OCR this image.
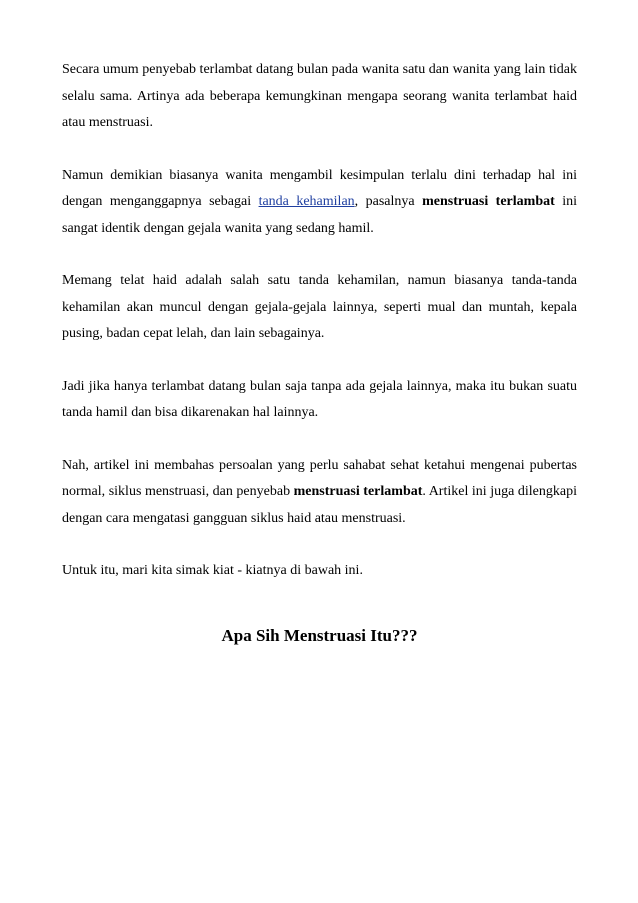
Secara umum penyebab terlambat datang bulan pada wanita satu dan wanita yang lain tidak selalu sama. Artinya ada beberapa kemungkinan mengapa seorang wanita terlambat haid atau menstruasi.

Namun demikian biasanya wanita mengambil kesimpulan terlalu dini terhadap hal ini dengan menganggapnya sebagai tanda kehamilan, pasalnya menstruasi terlambat ini sangat identik dengan gejala wanita yang sedang hamil.

Memang telat haid adalah salah satu tanda kehamilan, namun biasanya tanda-tanda kehamilan akan muncul dengan gejala-gejala lainnya, seperti mual dan muntah, kepala pusing, badan cepat lelah, dan lain sebagainya.

Jadi jika hanya terlambat datang bulan saja tanpa ada gejala lainnya, maka itu bukan suatu tanda hamil dan bisa dikarenakan hal lainnya.

Nah, artikel ini membahas persoalan yang perlu sahabat sehat ketahui mengenai pubertas normal, siklus menstruasi, dan penyebab menstruasi terlambat. Artikel ini juga dilengkapi dengan cara mengatasi gangguan siklus haid atau menstruasi.

Untuk itu, mari kita simak kiat - kiatnya di bawah ini.

Apa Sih Menstruasi Itu???
